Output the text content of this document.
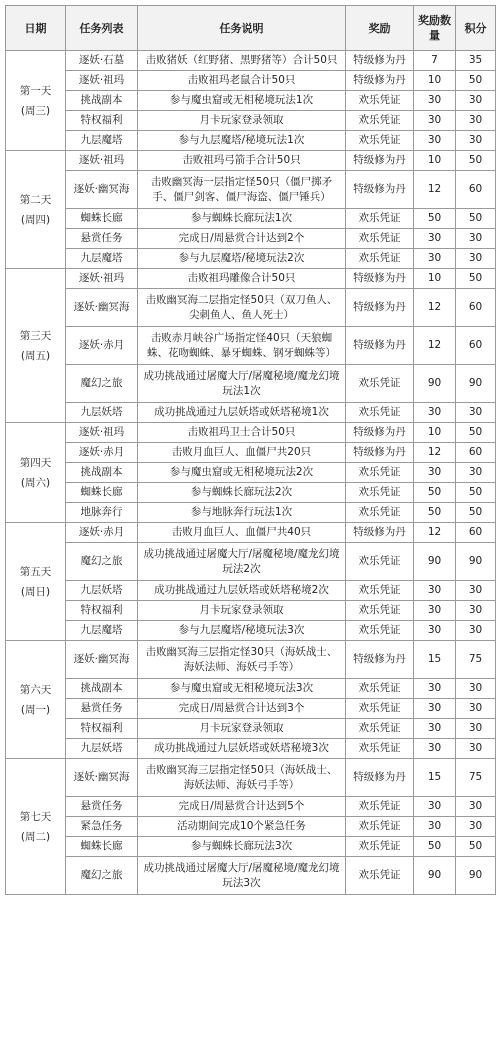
日期	任务列表	任务说明	奖励	奖励数量	积分

第一天
(周三)	逐妖·石墓	击败猪妖（红野猪、黑野猪等）合计50只	特级修为丹	7	35
	逐妖·祖玛	击败祖玛老鼠合计50只	特级修为丹	10	50
	挑战副本	参与魔虫窟或无相秘境玩法1次	欢乐凭证	30	30
	特权福利	月卡玩家登录领取	欢乐凭证	30	30
	九层魔塔	参与九层魔塔/秘境玩法1次	欢乐凭证	30	30

第二天
(周四)	逐妖·祖玛	击败祖玛弓箭手合计50只	特级修为丹	10	50
	逐妖·幽冥海	击败幽冥海一层指定怪50只（僵尸掷矛手、僵尸剑客、僵尸海盗、僵尸锤兵）	特级修为丹	12	60
	蜘蛛长廊	参与蜘蛛长廊玩法1次	欢乐凭证	50	50
	悬赏任务	完成日/周悬赏合计达到2个	欢乐凭证	30	30
	九层魔塔	参与九层魔塔/秘境玩法2次	欢乐凭证	30	30

第三天
(周五)	逐妖·祖玛	击败祖玛雕像合计50只	特级修为丹	10	50
	逐妖·幽冥海	击败幽冥海二层指定怪50只（双刀鱼人、尖刺鱼人、鱼人死士）	特级修为丹	12	60
	逐妖·赤月	击败赤月峡谷广场指定怪40只（天狼蜘蛛、花吻蜘蛛、暴牙蜘蛛、钢牙蜘蛛等）	特级修为丹	12	60
	魔幻之旅	成功挑战通过屠魔大厅/屠魔秘境/魔龙幻境玩法1次	欢乐凭证	90	90
	九层妖塔	成功挑战通过九层妖塔或妖塔秘境1次	欢乐凭证	30	30

第四天
(周六)	逐妖·祖玛	击败祖玛卫士合计50只	特级修为丹	10	50
	逐妖·赤月	击败月血巨人、血僵尸共20只	特级修为丹	12	60
	挑战副本	参与魔虫窟或无相秘境玩法2次	欢乐凭证	30	30
	蜘蛛长廊	参与蜘蛛长廊玩法2次	欢乐凭证	50	50
	地脉奔行	参与地脉奔行玩法1次	欢乐凭证	50	50

第五天
(周日)	逐妖·赤月	击败月血巨人、血僵尸共40只	特级修为丹	12	60
	魔幻之旅	成功挑战通过屠魔大厅/屠魔秘境/魔龙幻境玩法2次	欢乐凭证	90	90
	九层妖塔	成功挑战通过九层妖塔或妖塔秘境2次	欢乐凭证	30	30
	特权福利	月卡玩家登录领取	欢乐凭证	30	30
	九层魔塔	参与九层魔塔/秘境玩法3次	欢乐凭证	30	30

第六天
(周一)	逐妖·幽冥海	击败幽冥海三层指定怪30只（海妖战士、海妖法师、海妖弓手等）	特级修为丹	15	75
	挑战副本	参与魔虫窟或无相秘境玩法3次	欢乐凭证	30	30
	悬赏任务	完成日/周悬赏合计达到3个	欢乐凭证	30	30
	特权福利	月卡玩家登录领取	欢乐凭证	30	30
	九层妖塔	成功挑战通过九层妖塔或妖塔秘境3次	欢乐凭证	30	30

第七天
(周二)	逐妖·幽冥海	击败幽冥海三层指定怪50只（海妖战士、海妖法师、海妖弓手等）	特级修为丹	15	75
	悬赏任务	完成日/周悬赏合计达到5个	欢乐凭证	30	30
	紧急任务	活动期间完成10个紧急任务	欢乐凭证	30	30
	蜘蛛长廊	参与蜘蛛长廊玩法3次	欢乐凭证	50	50
	魔幻之旅	成功挑战通过屠魔大厅/屠魔秘境/魔龙幻境玩法3次	欢乐凭证	90	90
